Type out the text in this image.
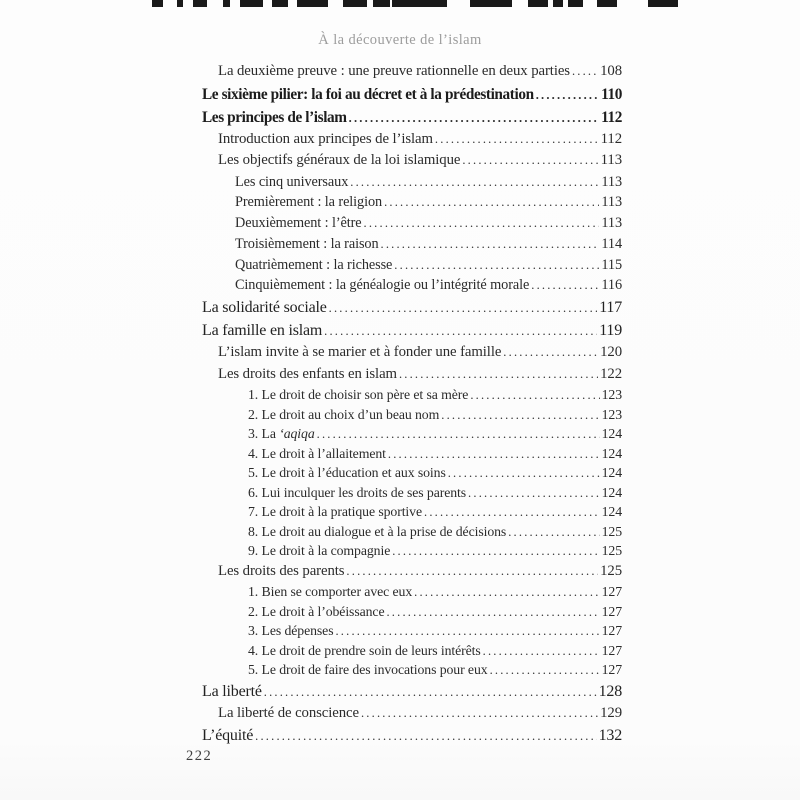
À la découverte de l’islam
La deuxième preuve : une preuve rationnelle en deux parties ..... 108
Le sixième pilier: la foi au décret et à la prédestination .....	110
Les principes de l’islam .....	112
Introduction aux principes de l’islam .....	112
Les objectifs généraux de la loi islamique .....	113
Les cinq universaux .....	113
Premièrement : la religion .....	113
Deuxièmement : l’être .....	113
Troisièmement : la raison .....	114
Quatrièmement : la richesse .....	115
Cinquièmement : la généalogie ou l’intégrité morale .....	116
La solidarité sociale .....	117
La famille en islam .....	119
L’islam invite à se marier et à fonder une famille .....	120
Les droits des enfants en islam .....	122
1. Le droit de choisir son père et sa mère .....	123
2. Le droit au choix d’un beau nom .....	123
3. La ‘aqiqa .....	124
4. Le droit à l’allaitement .....	124
5. Le droit à l’éducation et aux soins .....	124
6. Lui inculquer les droits de ses parents .....	124
7. Le droit à la pratique sportive .....	124
8. Le droit au dialogue et à la prise de décisions .....	125
9. Le droit à la compagnie .....	125
Les droits des parents .....	125
1. Bien se comporter avec eux .....	127
2. Le droit à l’obéissance .....	127
3. Les dépenses .....	127
4. Le droit de prendre soin de leurs intérêts .....	127
5. Le droit de faire des invocations pour eux .....	127
La liberté .....	128
La liberté de conscience .....	129
L’équité .....	132
222
